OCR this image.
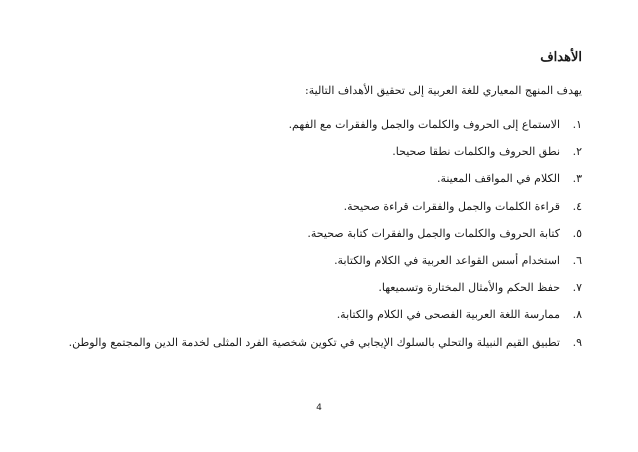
الأهداف
يهدف المنهج المعياري للغة العربية إلى تحقيق الأهداف التالية:
١.
الاستماع إلى الحروف والكلمات والجمل والفقرات مع الفهم.
٢.
نطق الحروف والكلمات نطقا صحيحا.
٣.
الكلام في المواقف المعينة.
٤.
قراءة الكلمات والجمل والفقرات قراءة صحيحة.
٥.
كتابة الحروف والكلمات والجمل والفقرات كتابة صحيحة.
٦.
استخدام أسس القواعد العربية في الكلام والكتابة.
٧.
حفظ الحكم والأمثال المختارة وتسميعها.
٨.
ممارسة اللغة العربية الفصحى في الكلام والكتابة.
٩.
تطبيق القيم النبيلة والتحلي بالسلوك الإيجابي في تكوين شخصية الفرد المثلى لخدمة الدين والمجتمع والوطن.
4
